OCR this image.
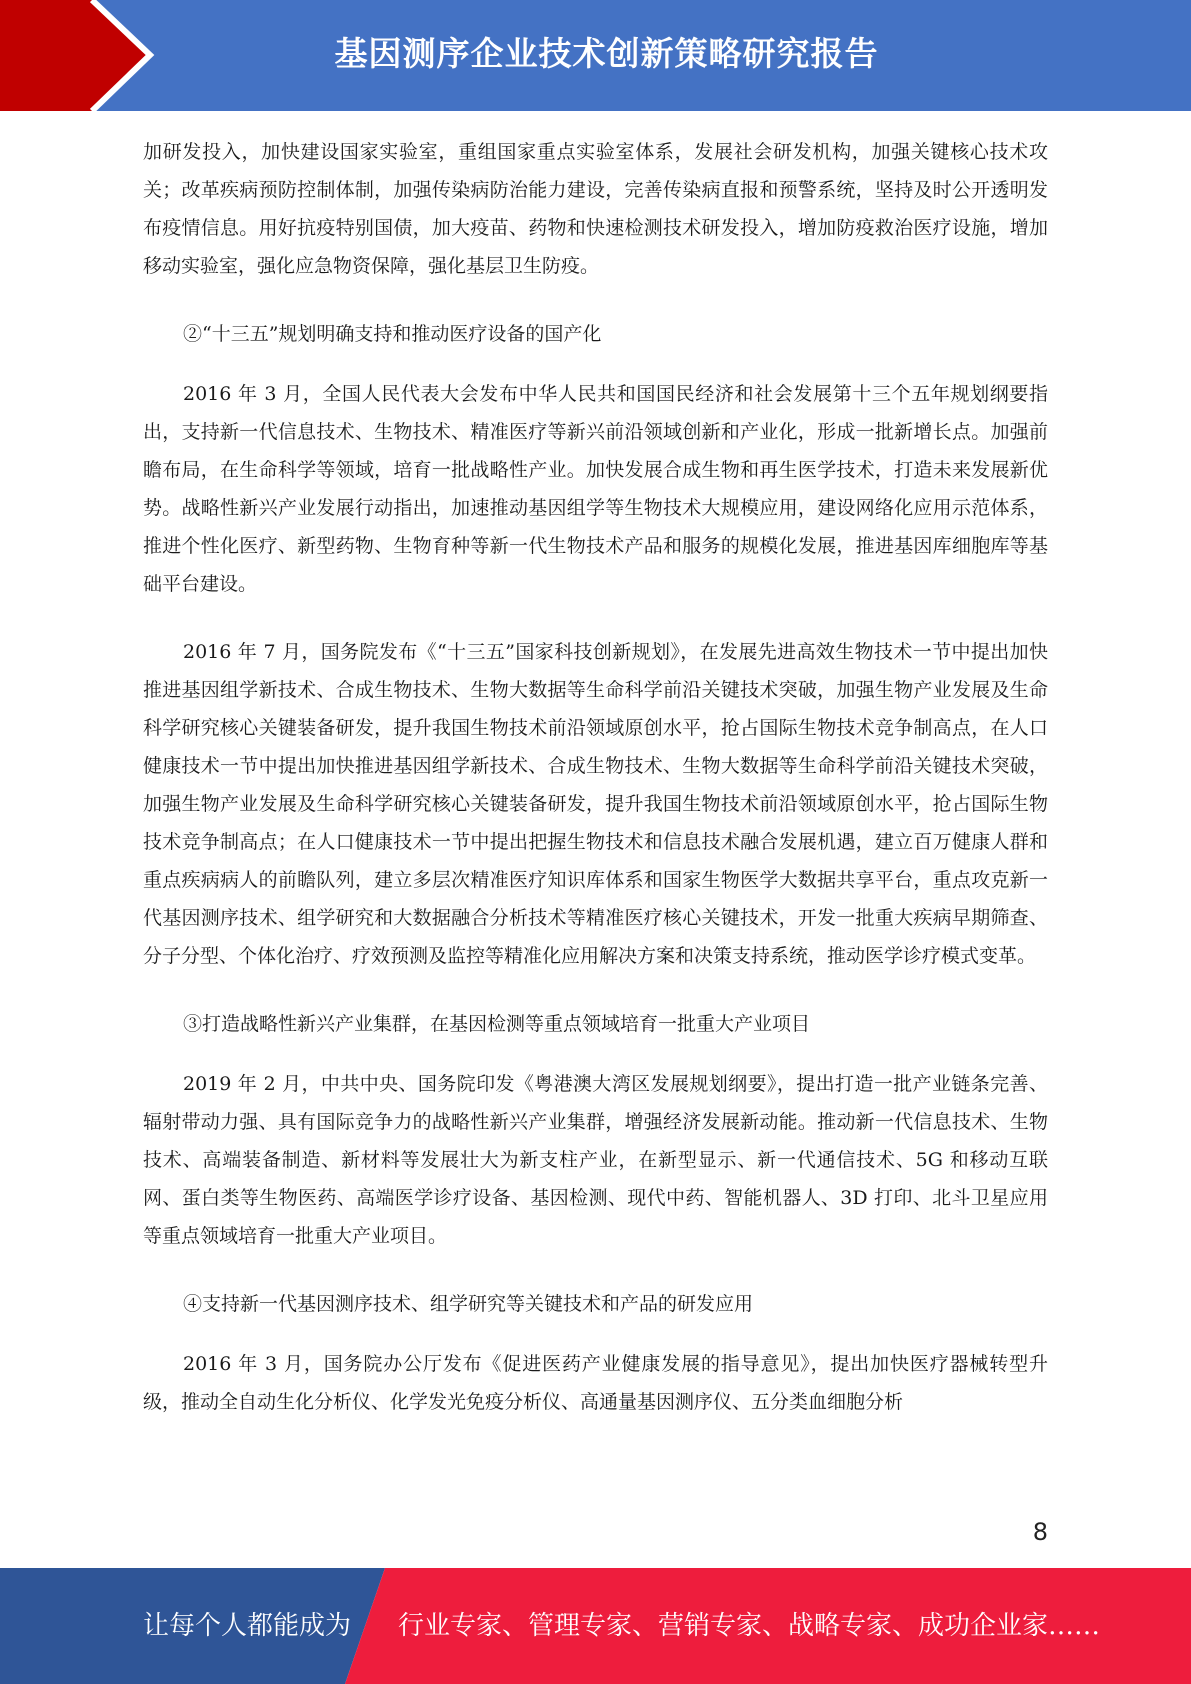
基因测序企业技术创新策略研究报告

加研发投入，加快建设国家实验室，重组国家重点实验室体系，发展社会研发机构，加强关键核心技术攻关；改革疾病预防控制体制，加强传染病防治能力建设，完善传染病直报和预警系统，坚持及时公开透明发布疫情信息。用好抗疫特别国债，加大疫苗、药物和快速检测技术研发投入，增加防疫救治医疗设施，增加移动实验室，强化应急物资保障，强化基层卫生防疫。

②“十三五”规划明确支持和推动医疗设备的国产化

2016 年 3 月，全国人民代表大会发布中华人民共和国国民经济和社会发展第十三个五年规划纲要指出，支持新一代信息技术、生物技术、精准医疗等新兴前沿领域创新和产业化，形成一批新增长点。加强前瞻布局，在生命科学等领域，培育一批战略性产业。加快发展合成生物和再生医学技术，打造未来发展新优势。战略性新兴产业发展行动指出，加速推动基因组学等生物技术大规模应用，建设网络化应用示范体系，推进个性化医疗、新型药物、生物育种等新一代生物技术产品和服务的规模化发展，推进基因库细胞库等基础平台建设。

2016 年 7 月，国务院发布《“十三五”国家科技创新规划》，在发展先进高效生物技术一节中提出加快推进基因组学新技术、合成生物技术、生物大数据等生命科学前沿关键技术突破，加强生物产业发展及生命科学研究核心关键装备研发，提升我国生物技术前沿领域原创水平，抢占国际生物技术竞争制高点，在人口健康技术一节中提出加快推进基因组学新技术、合成生物技术、生物大数据等生命科学前沿关键技术突破，加强生物产业发展及生命科学研究核心关键装备研发，提升我国生物技术前沿领域原创水平，抢占国际生物技术竞争制高点；在人口健康技术一节中提出把握生物技术和信息技术融合发展机遇，建立百万健康人群和重点疾病病人的前瞻队列，建立多层次精准医疗知识库体系和国家生物医学大数据共享平台，重点攻克新一代基因测序技术、组学研究和大数据融合分析技术等精准医疗核心关键技术，开发一批重大疾病早期筛查、分子分型、个体化治疗、疗效预测及监控等精准化应用解决方案和决策支持系统，推动医学诊疗模式变革。

③打造战略性新兴产业集群，在基因检测等重点领域培育一批重大产业项目

2019 年 2 月，中共中央、国务院印发《粤港澳大湾区发展规划纲要》，提出打造一批产业链条完善、辐射带动力强、具有国际竞争力的战略性新兴产业集群，增强经济发展新动能。推动新一代信息技术、生物技术、高端装备制造、新材料等发展壮大为新支柱产业，在新型显示、新一代通信技术、5G 和移动互联网、蛋白类等生物医药、高端医学诊疗设备、基因检测、现代中药、智能机器人、3D 打印、北斗卫星应用等重点领域培育一批重大产业项目。

④支持新一代基因测序技术、组学研究等关键技术和产品的研发应用

2016 年 3 月，国务院办公厅发布《促进医药产业健康发展的指导意见》，提出加快医疗器械转型升级，推动全自动生化分析仪、化学发光免疫分析仪、高通量基因测序仪、五分类血细胞分析

8
让每个人都能成为 行业专家、管理专家、营销专家、战略专家、成功企业家……
